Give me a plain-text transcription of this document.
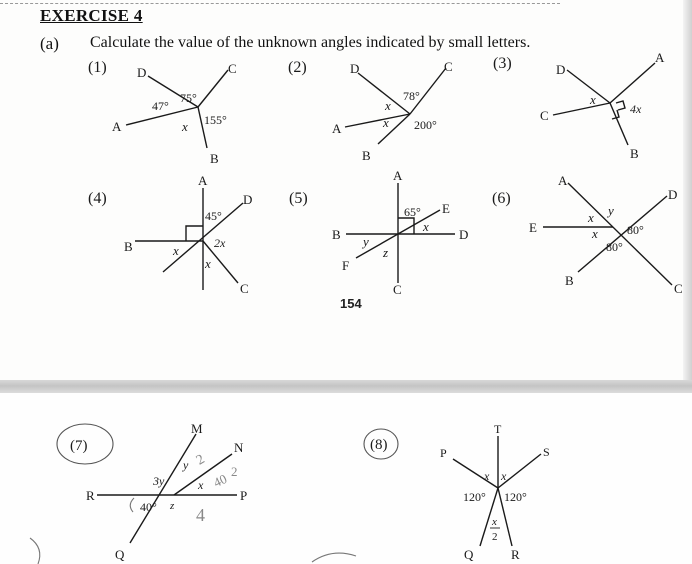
EXERCISE 4
(a) Calculate the value of the unknown angles indicated by small letters.
154
(1)
A
D	C
B
47°
75°
155°
x
(2)
A
D	C
B
78°
200°
x
x
(3)
C
D
A
B
x
4x
(4)
A
B
C
D
45°
2x
x
x
(5)
A
B
C
D
E
F
65°
x
y
z
(6)
A
B
C
D
E
x y
x 80°
80°
(7)
M
N
P
Q
R
3y
y
x
40° z
2
40 2
4
(8)
T
P	S
Q	R
x x
120° 120°
x
2
